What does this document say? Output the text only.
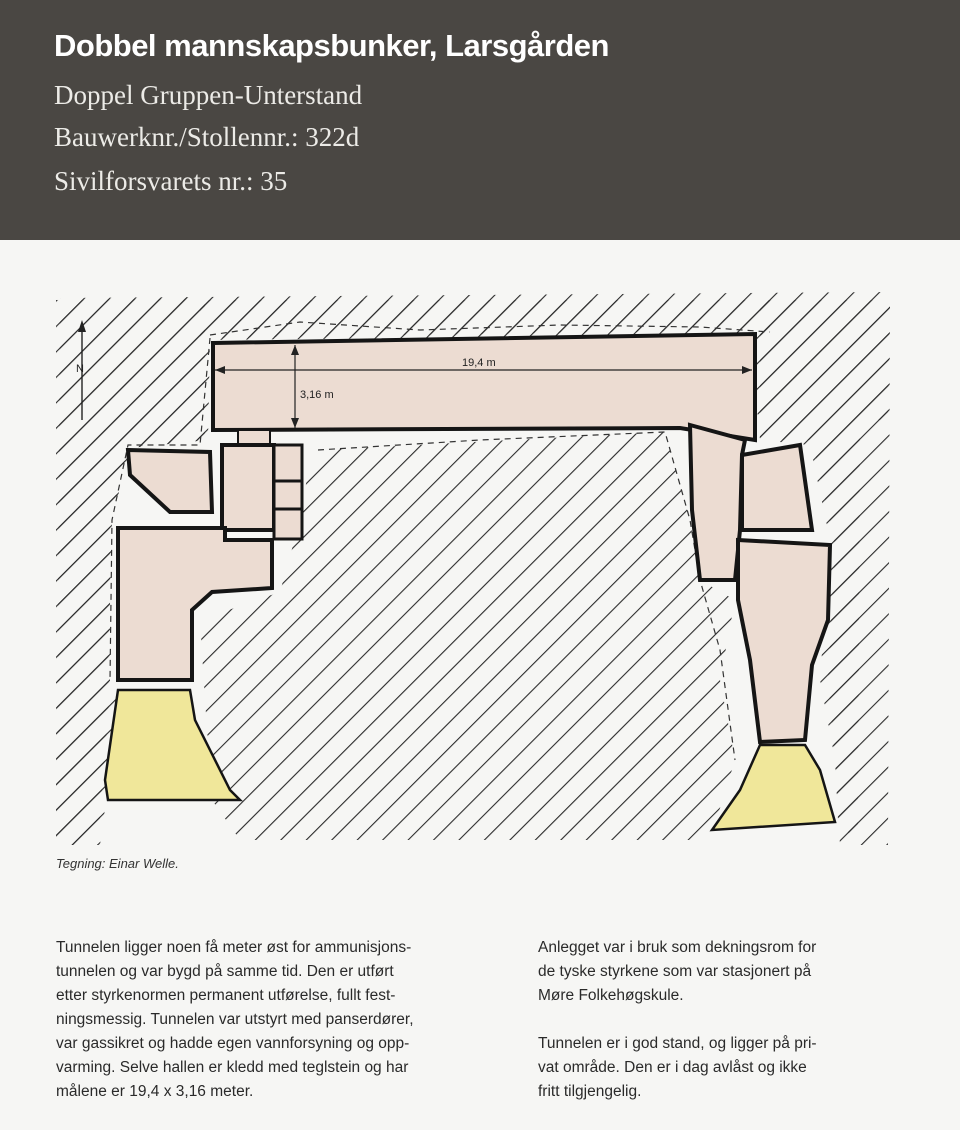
Dobbel mannskapsbunker, Larsgården
Doppel Gruppen-Unterstand
Bauwerknr./Stollennr.: 322d
Sivilforsvarets nr.: 35
19,4 m
3,16 m
N
Tegning: Einar Welle.

Tunnelen ligger noen få meter øst for ammunisjons-
tunnelen og var bygd på samme tid. Den er utført
etter styrkenormen permanent utførelse, fullt fest-
ningsmessig. Tunnelen var utstyrt med panserdører,
var gassikret og hadde egen vannforsyning og opp-
varming. Selve hallen er kledd med teglstein og har
målene er 19,4 x 3,16 meter.

Anlegget var i bruk som dekningsrom for
de tyske styrkene som var stasjonert på
Møre Folkehøgskule.

Tunnelen er i god stand, og ligger på pri-
vat område. Den er i dag avlåst og ikke
fritt tilgjengelig.
